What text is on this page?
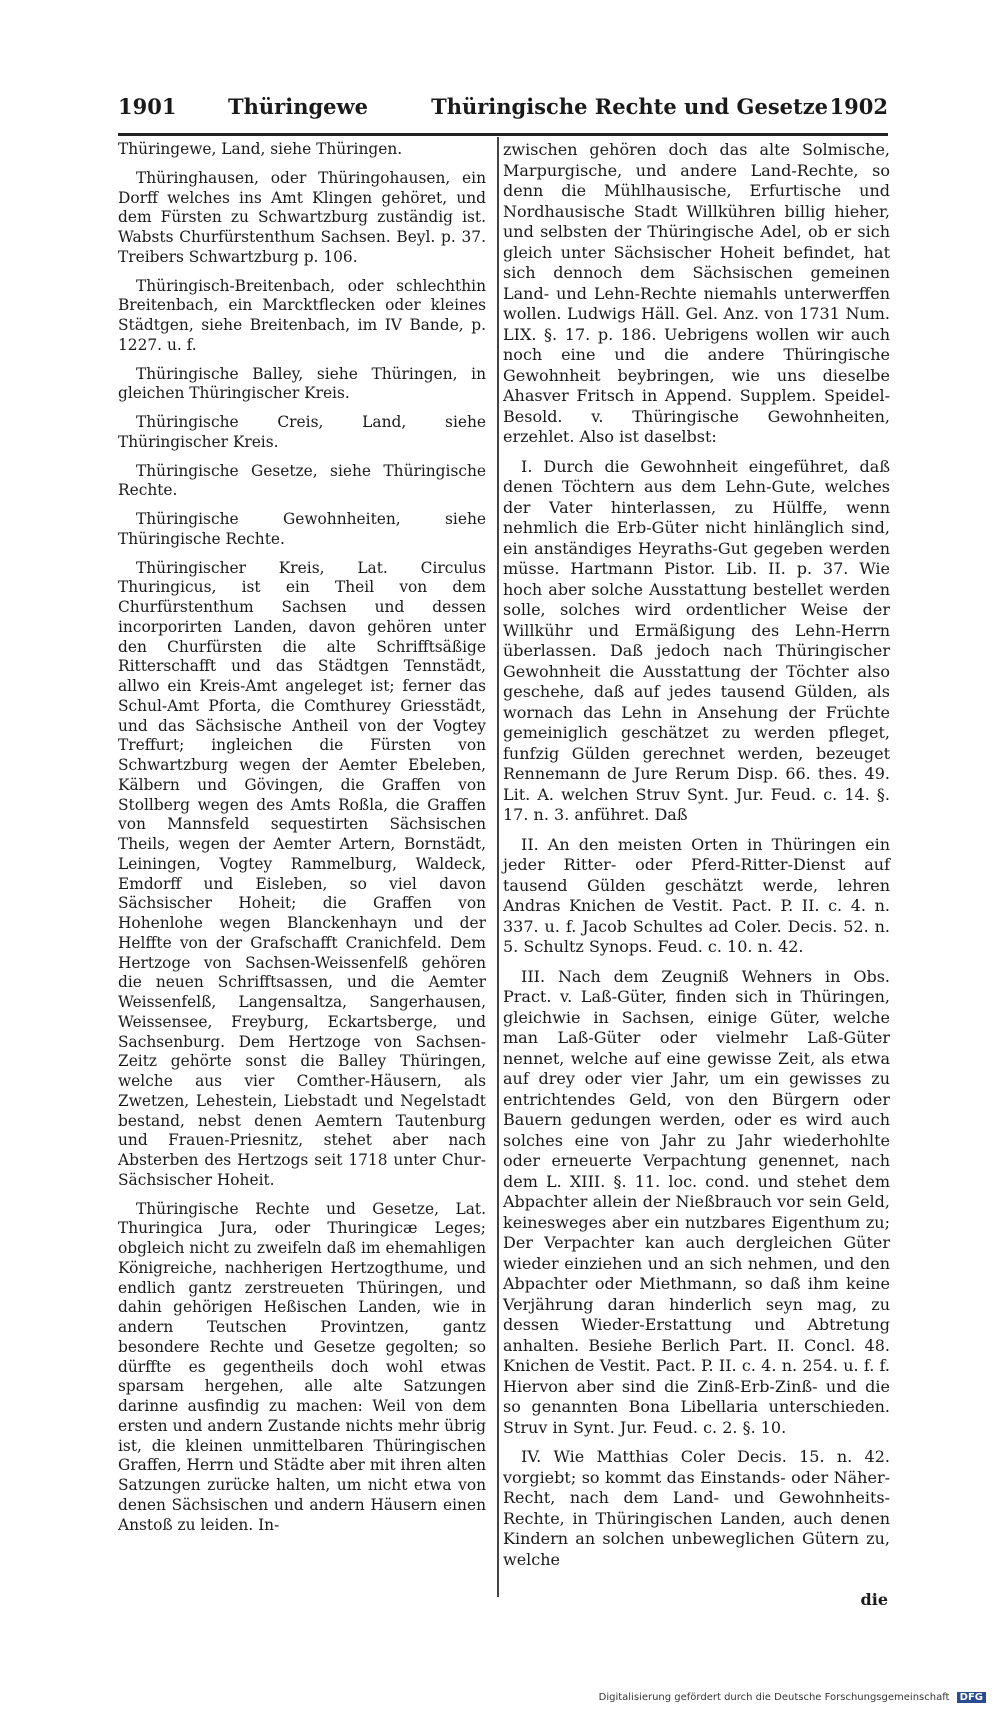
1901 Thüringewe	Thüringische Rechte und Gesetze 1902

Thüringewe, Land, siehe Thüringen.

Thüringhausen, oder Thüringohausen, ein Dorff welches ins Amt Klingen gehöret, und dem Fürsten zu Schwartzburg zuständig ist. Wabsts Churfürstenthum Sachsen. Beyl. p. 37. Treibers Schwartzburg p. 106.

Thüringisch-Breitenbach, oder schlechthin Breitenbach, ein Marcktflecken oder kleines Städtgen, siehe Breitenbach, im IV Bande, p. 1227. u. f.

Thüringische Balley, siehe Thüringen, in gleichen Thüringischer Kreis.

Thüringische Creis, Land, siehe Thüringischer Kreis.

Thüringische Gesetze, siehe Thüringische Rechte.

Thüringische Gewohnheiten, siehe Thüringische Rechte.

Thüringischer Kreis, Lat. Circulus Thuringicus, ist ein Theil von dem Churfürstenthum Sachsen und dessen incorporirten Landen, davon gehören unter den Churfürsten die alte Schrifftsäßige Ritterschafft und das Städtgen Tennstädt, allwo ein Kreis-Amt angeleget ist; ferner das Schul-Amt Pforta, die Comthurey Griesstädt, und das Sächsische Antheil von der Vogtey Treffurt; ingleichen die Fürsten von Schwartzburg wegen der Aemter Ebeleben, Kälbern und Gövingen, die Graffen von Stollberg wegen des Amts Roßla, die Graffen von Mannsfeld sequestirten Sächsischen Theils, wegen der Aemter Artern, Bornstädt, Leiningen, Vogtey Rammelburg, Waldeck, Emdorff und Eisleben, so viel davon Sächsischer Hoheit; die Graffen von Hohenlohe wegen Blanckenhayn und der Helffte von der Grafschafft Cranichfeld. Dem Hertzoge von Sachsen-Weissenfelß gehören die neuen Schrifftsassen, und die Aemter Weissenfelß, Langensaltza, Sangerhausen, Weissensee, Freyburg, Eckartsberge, und Sachsenburg. Dem Hertzoge von Sachsen-Zeitz gehörte sonst die Balley Thüringen, welche aus vier Comther-Häusern, als Zwetzen, Lehestein, Liebstadt und Negelstadt bestand, nebst denen Aemtern Tautenburg und Frauen-Priesnitz, stehet aber nach Absterben des Hertzogs seit 1718 unter Chur-Sächsischer Hoheit.

Thüringische Rechte und Gesetze, Lat. Thuringica Jura, oder Thuringicæ Leges; obgleich nicht zu zweifeln daß im ehemahligen Königreiche, nachherigen Hertzogthume, und endlich gantz zerstreueten Thüringen, und dahin gehörigen Heßischen Landen, wie in andern Teutschen Provintzen, gantz besondere Rechte und Gesetze gegolten; so dürffte es gegentheils doch wohl etwas sparsam hergehen, alle alte Satzungen darinne ausfindig zu machen: Weil von dem ersten und andern Zustande nichts mehr übrig ist, die kleinen unmittelbaren Thüringischen Graffen, Herrn und Städte aber mit ihren alten Satzungen zurücke halten, um nicht etwa von denen Sächsischen und andern Häusern einen Anstoß zu leiden. In-

zwischen gehören doch das alte Solmische, Marpurgische, und andere Land-Rechte, so denn die Mühlhausische, Erfurtische und Nordhausische Stadt Willkühren billig hieher, und selbsten der Thüringische Adel, ob er sich gleich unter Sächsischer Hoheit befindet, hat sich dennoch dem Sächsischen gemeinen Land- und Lehn-Rechte niemahls unterwerffen wollen. Ludwigs Häll. Gel. Anz. von 1731 Num. LIX. §. 17. p. 186. Uebrigens wollen wir auch noch eine und die andere Thüringische Gewohnheit beybringen, wie uns dieselbe Ahasver Fritsch in Append. Supplem. Speidel-Besold. v. Thüringische Gewohnheiten, erzehlet. Also ist daselbst:

I. Durch die Gewohnheit eingeführet, daß denen Töchtern aus dem Lehn-Gute, welches der Vater hinterlassen, zu Hülffe, wenn nehmlich die Erb-Güter nicht hinlänglich sind, ein anständiges Heyraths-Gut gegeben werden müsse. Hartmann Pistor. Lib. II. p. 37. Wie hoch aber solche Ausstattung bestellet werden solle, solches wird ordentlicher Weise der Willkühr und Ermäßigung des Lehn-Herrn überlassen. Daß jedoch nach Thüringischer Gewohnheit die Ausstattung der Töchter also geschehe, daß auf jedes tausend Gülden, als wornach das Lehn in Ansehung der Früchte gemeiniglich geschätzet zu werden pfleget, funfzig Gülden gerechnet werden, bezeuget Rennemann de Jure Rerum Disp. 66. thes. 49. Lit. A. welchen Struv Synt. Jur. Feud. c. 14. §. 17. n. 3. anführet. Daß

II. An den meisten Orten in Thüringen ein jeder Ritter- oder Pferd-Ritter-Dienst auf tausend Gülden geschätzt werde, lehren Andras Knichen de Vestit. Pact. P. II. c. 4. n. 337. u. f. Jacob Schultes ad Coler. Decis. 52. n. 5. Schultz Synops. Feud. c. 10. n. 42.

III. Nach dem Zeugniß Wehners in Obs. Pract. v. Laß-Güter, finden sich in Thüringen, gleichwie in Sachsen, einige Güter, welche man Laß-Güter oder vielmehr Laß-Güter nennet, welche auf eine gewisse Zeit, als etwa auf drey oder vier Jahr, um ein gewisses zu entrichtendes Geld, von den Bürgern oder Bauern gedungen werden, oder es wird auch solches eine von Jahr zu Jahr wiederhohlte oder erneuerte Verpachtung genennet, nach dem L. XIII. §. 11. loc. cond. und stehet dem Abpachter allein der Nießbrauch vor sein Geld, keinesweges aber ein nutzbares Eigenthum zu; Der Verpachter kan auch dergleichen Güter wieder einziehen und an sich nehmen, und den Abpachter oder Miethmann, so daß ihm keine Verjährung daran hinderlich seyn mag, zu dessen Wieder-Erstattung und Abtretung anhalten. Besiehe Berlich Part. II. Concl. 48. Knichen de Vestit. Pact. P. II. c. 4. n. 254. u. f. f. Hiervon aber sind die Zinß-Erb-Zinß- und die so genannten Bona Libellaria unterschieden. Struv in Synt. Jur. Feud. c. 2. §. 10.

IV. Wie Matthias Coler Decis. 15. n. 42. vorgiebt; so kommt das Einstands- oder Näher-Recht, nach dem Land- und Gewohnheits-Rechte, in Thüringischen Landen, auch denen Kindern an solchen unbeweglichen Gütern zu, welche

die
Digitalisierung gefördert durch die Deutsche Forschungsgemeinschaft DFG
